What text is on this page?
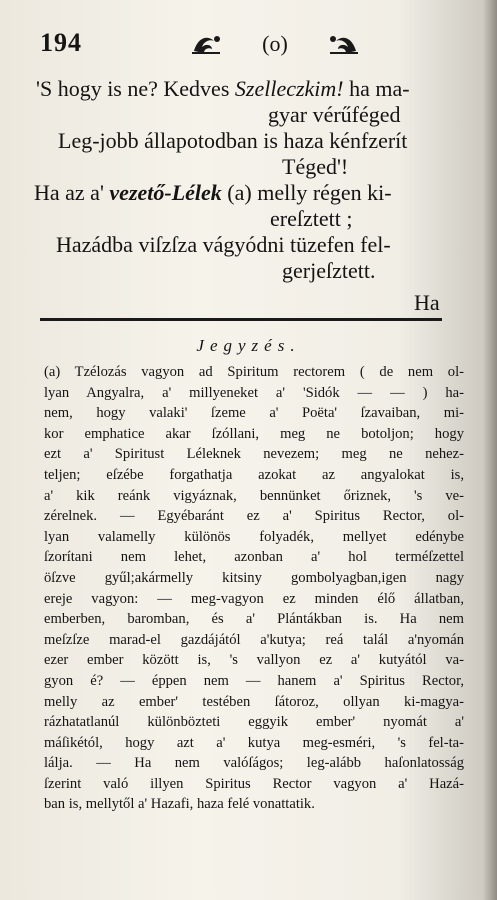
194	(o)
'S hogy is ne? Kedves Szelleczkim! ha ma-
gyar vérűféged
Leg-jobb állapotodban is haza kénfzerít
Téged'!
Ha az a' vezető-Lélek (a) melly régen ki-
ereſztett ;
Hazádba viſzſza vágyódni tüzefen fel-
gerjeſztett.
Ha
Jegyzés.
(a) Tzélozás vagyon ad Spiritum rectorem ( de nem ol-
lyan Angyalra, a' millyeneket a' 'Sidók — — ) ha-
nem, hogy valaki' ſzeme a' Poëta' ſzavaiban, mi-
kor emphatice akar ſzóllani, meg ne botoljon; hogy
ezt a' Spiritust Léleknek nevezem; meg ne nehez-
teljen; eſzébe forgathatja azokat az angyalokat is,
a' kik reánk vigyáznak, bennünket őriznek, 's ve-
zérelnek. — Egyébaránt ez a' Spiritus Rector, ol-
lyan valamelly különös folyadék, mellyet edénybe
ſzorítani nem lehet, azonban a' hol terméſzettel
öſzve gyűl;akármelly kitsiny gombolyagban,igen nagy
ereje vagyon: — meg-vagyon ez minden élő állatban,
emberben, baromban, és a' Plántákban is. Ha nem
meſzſze marad-el gazdájától a'kutya; reá talál a'nyomán
ezer ember között is, 's vallyon ez a' kutyától va-
gyon é? — éppen nem — hanem a' Spiritus Rector,
melly az ember' testében ſátoroz, ollyan ki-magya-
rázhatatlanúl különbözteti eggyik ember' nyomát a'
máſikétól, hogy azt a' kutya meg-esméri, 's fel-ta-
lálja. — Ha nem valóſágos; leg-alább haſonlatosság
ſzerint való illyen Spiritus Rector vagyon a' Hazá-
ban is, mellytől a' Hazafi, haza felé vonattatik.
